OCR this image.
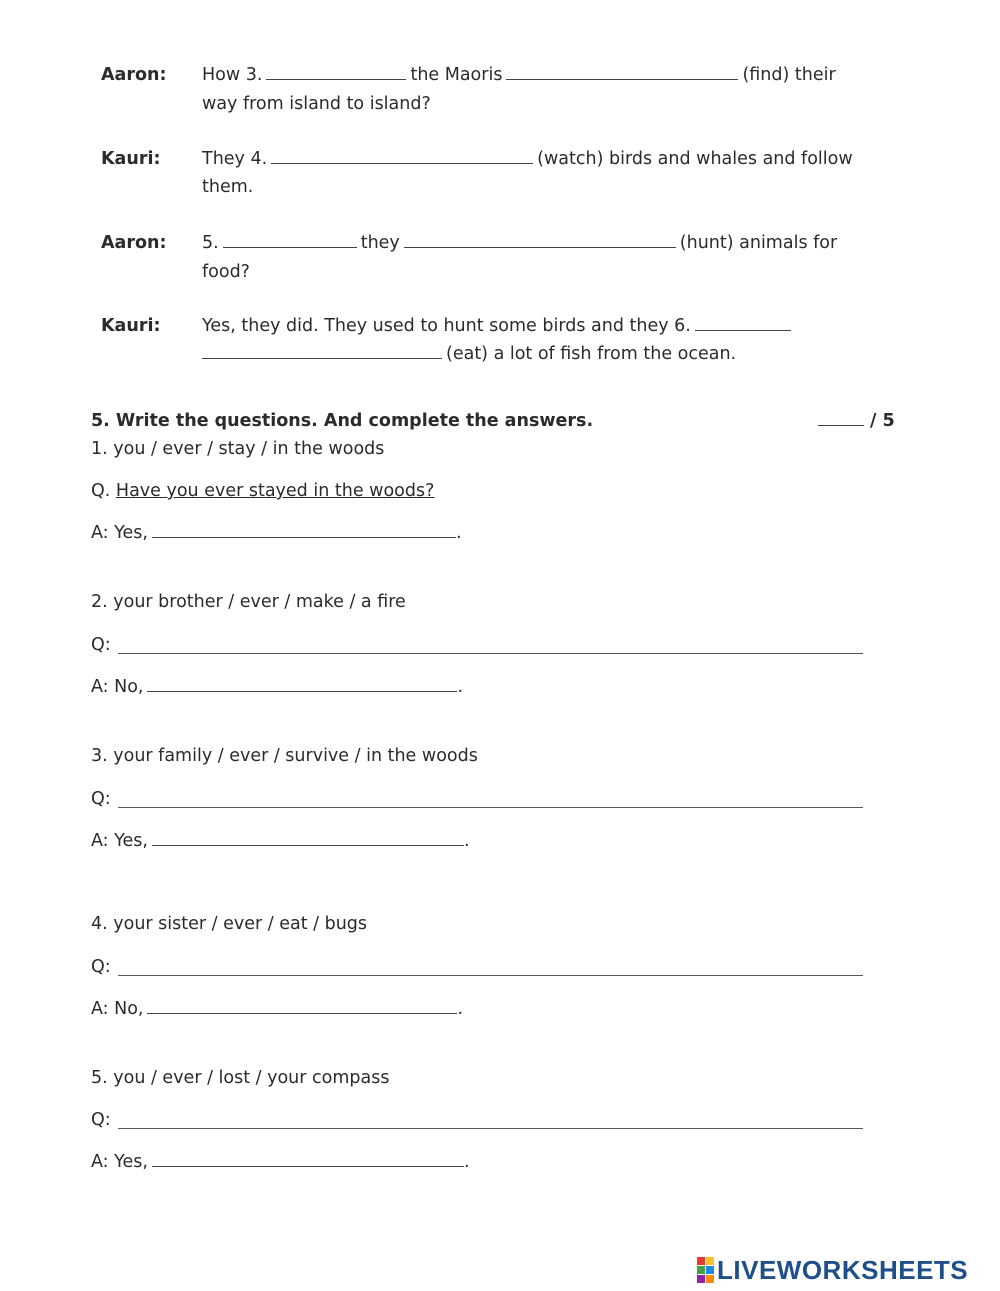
Aaron: How 3.	the Maoris	(find) their
way from island to island?
Kauri: They 4.	(watch) birds and whales and follow
them.
Aaron: 5.	they	(hunt) animals for
food?
Kauri: Yes, they did. They used to hunt some birds and they 6.
(eat) a lot of fish from the ocean.
5. Write the questions. And complete the answers.	/ 5
1. you / ever / stay / in the woods
Q. Have you ever stayed in the woods?
A: Yes,	.
2. your brother / ever / make / a fire
Q:
A: No,	.
3. your family / ever / survive / in the woods
Q:
A: Yes,	.
4. your sister / ever / eat / bugs
Q:
A: No,	.
5. you / ever / lost / your compass
Q:
A: Yes,	.
LIVEWORKSHEETS
